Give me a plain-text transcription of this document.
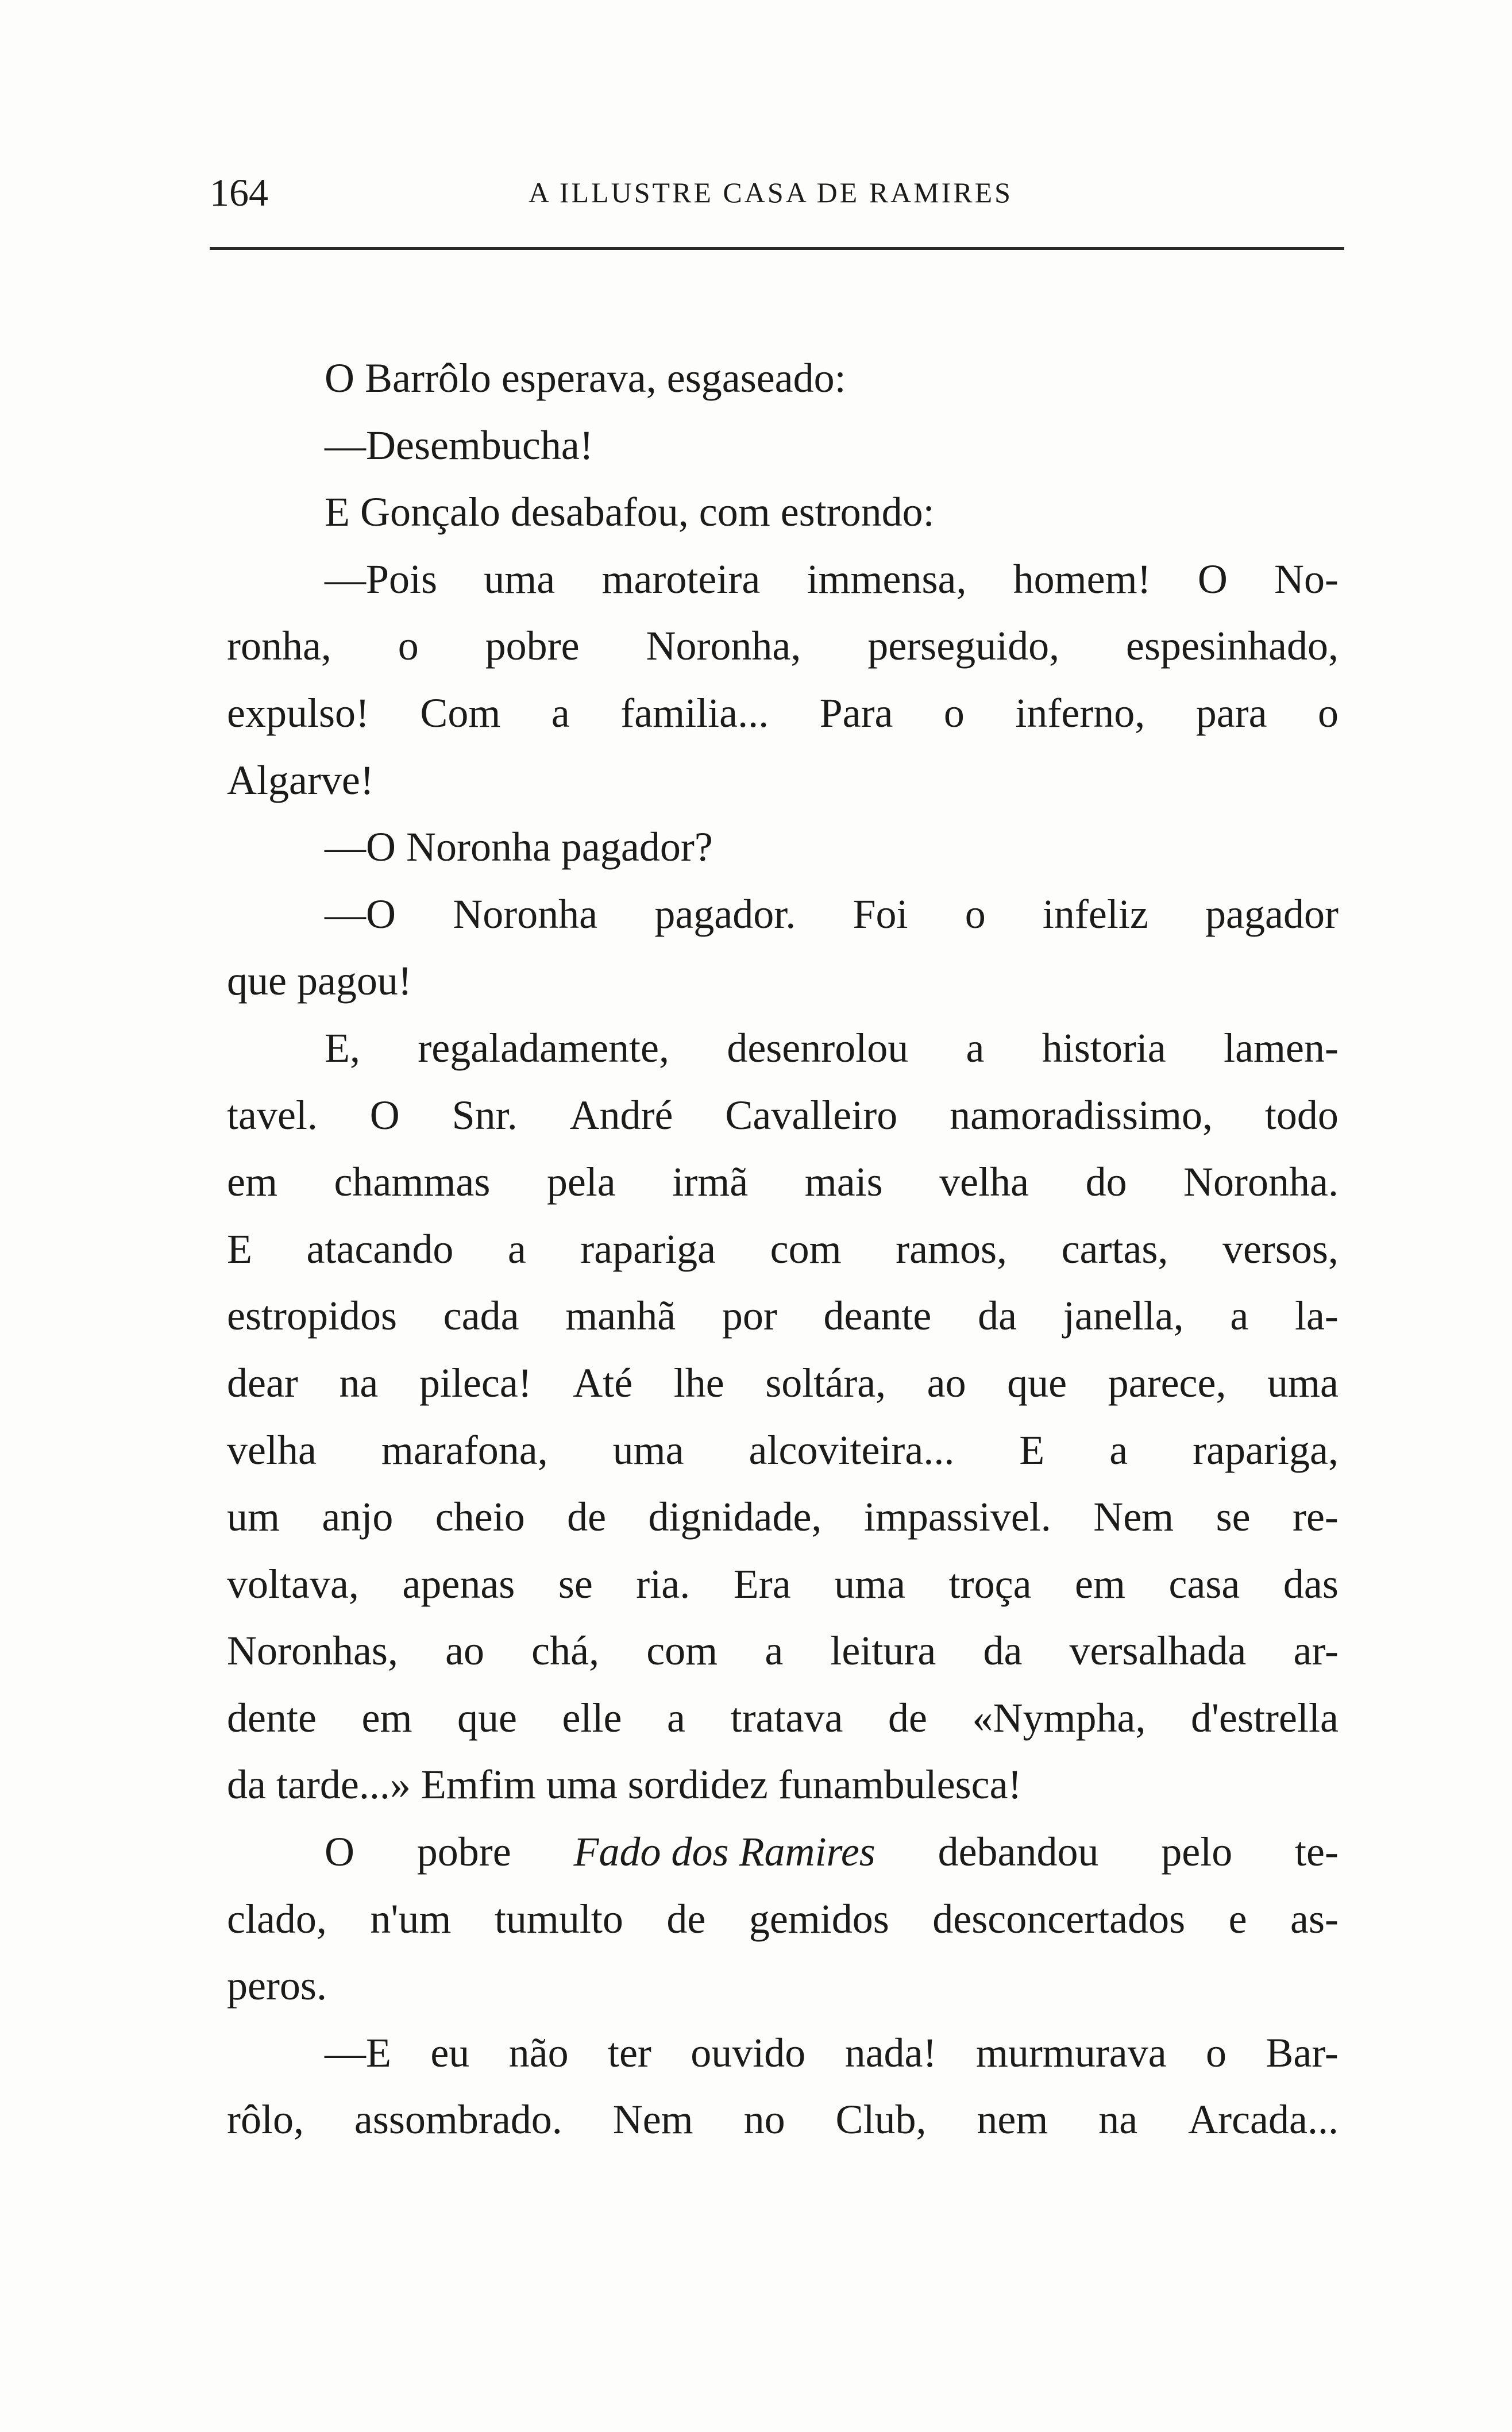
164	A ILLUSTRE CASA DE RAMIRES
O Barrôlo esperava, esgaseado:
—Desembucha!
E Gonçalo desabafou, com estrondo:
—Pois uma maroteira immensa, homem! O No-
ronha, o pobre Noronha, perseguido, espesinhado,
expulso! Com a familia... Para o inferno, para o
Algarve!
—O Noronha pagador?
—O Noronha pagador. Foi o infeliz pagador
que pagou!
E, regaladamente, desenrolou a historia lamen-
tavel. O Snr. André Cavalleiro namoradissimo, todo
em chammas pela irmã mais velha do Noronha.
E atacando a rapariga com ramos, cartas, versos,
estropidos cada manhã por deante da janella, a la-
dear na pileca! Até lhe soltára, ao que parece, uma
velha marafona, uma alcoviteira... E a rapariga,
um anjo cheio de dignidade, impassivel. Nem se re-
voltava, apenas se ria. Era uma troça em casa das
Noronhas, ao chá, com a leitura da versalhada ar-
dente em que elle a tratava de «Nympha, d'estrella
da tarde...» Emfim uma sordidez funambulesca!
O pobre Fado dos Ramires debandou pelo te-
clado, n'um tumulto de gemidos desconcertados e as-
peros.
—E eu não ter ouvido nada! murmurava o Bar-
rôlo, assombrado. Nem no Club, nem na Arcada...
